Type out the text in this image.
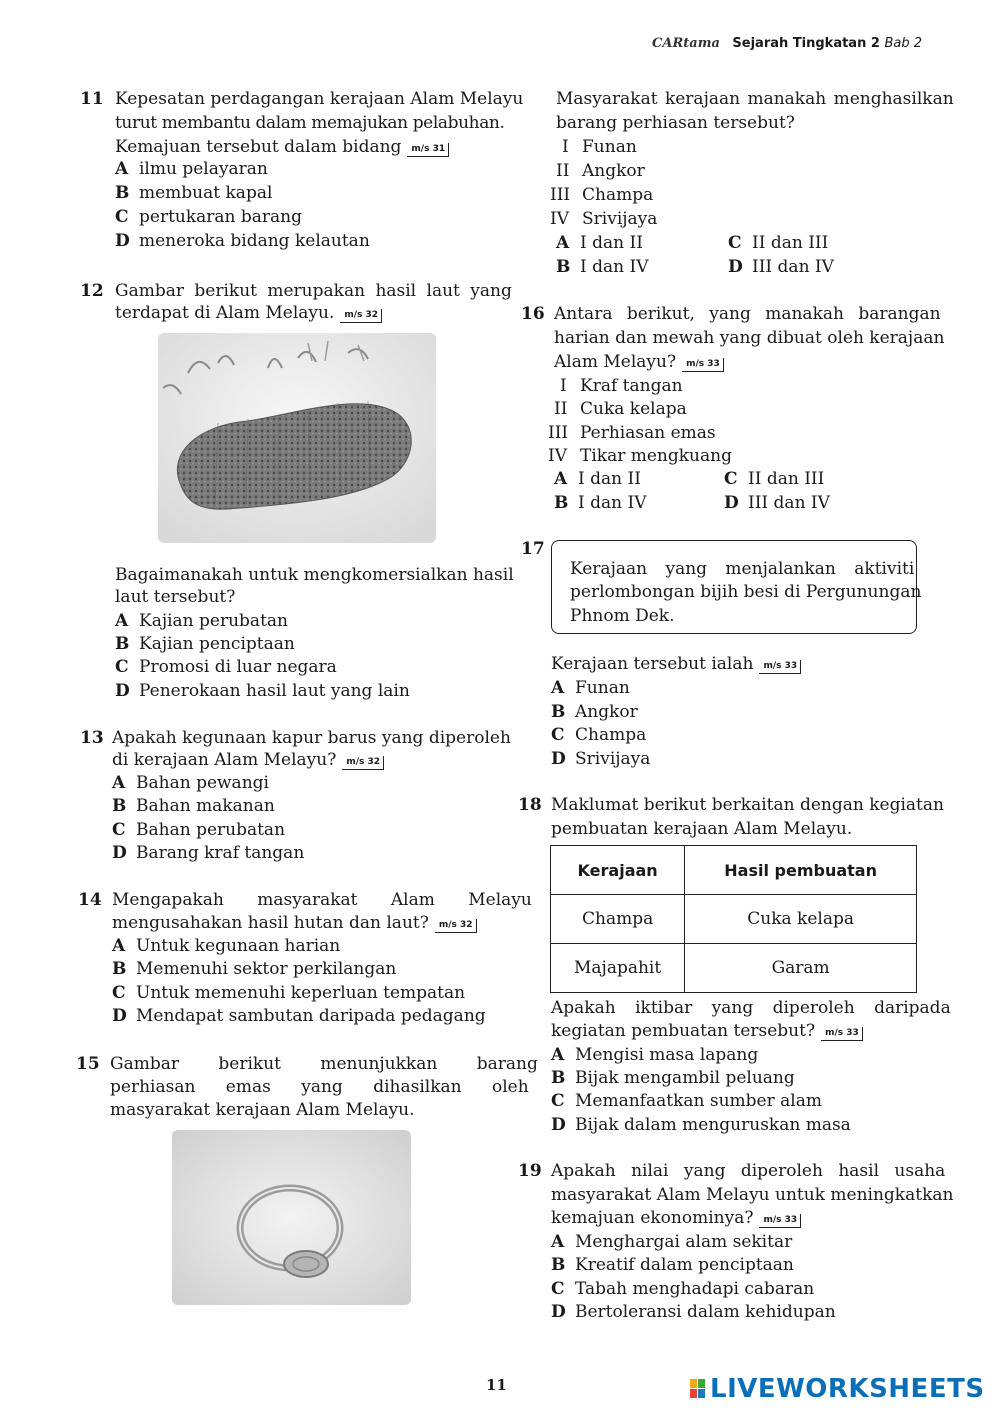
CARtama Sejarah Tingkatan 2 Bab 2
11 Kepesatan perdagangan kerajaan Alam Melayu
turut membantu dalam memajukan pelabuhan.
Kemajuan tersebut dalam bidang m/s 31
A ilmu pelayaran
B membuat kapal
C pertukaran barang
D meneroka bidang kelautan
12 Gambar berikut merupakan hasil laut yang
terdapat di Alam Melayu. m/s 32
Bagaimanakah untuk mengkomersialkan hasil
laut tersebut?
A Kajian perubatan
B Kajian penciptaan
C Promosi di luar negara
D Penerokaan hasil laut yang lain
13 Apakah kegunaan kapur barus yang diperoleh
di kerajaan Alam Melayu? m/s 32
A Bahan pewangi
B Bahan makanan
C Bahan perubatan
D Barang kraf tangan
14 Mengapakah masyarakat Alam Melayu
mengusahakan hasil hutan dan laut? m/s 32
A Untuk kegunaan harian
B Memenuhi sektor perkilangan
C Untuk memenuhi keperluan tempatan
D Mendapat sambutan daripada pedagang
15 Gambar berikut menunjukkan barang
perhiasan emas yang dihasilkan oleh
masyarakat kerajaan Alam Melayu.
Masyarakat kerajaan manakah menghasilkan
barang perhiasan tersebut?
I Funan
II Angkor
III Champa
IV Srivijaya
A I dan II
B I dan IV
C II dan III
D III dan IV
16 Antara berikut, yang manakah barangan
harian dan mewah yang dibuat oleh kerajaan
Alam Melayu? m/s 33
I Kraf tangan
II Cuka kelapa
III Perhiasan emas
IV Tikar mengkuang
A I dan II
B I dan IV
C II dan III
D III dan IV
17
Kerajaan yang menjalankan aktiviti
perlombongan bijih besi di Pergunungan
Phnom Dek.
Kerajaan tersebut ialah m/s 33
A Funan
B Angkor
C Champa
D Srivijaya
18 Maklumat berikut berkaitan dengan kegiatan
pembuatan kerajaan Alam Melayu.
Kerajaan	Hasil pembuatan
Champa	Cuka kelapa
Majapahit	Garam
Apakah iktibar yang diperoleh daripada
kegiatan pembuatan tersebut? m/s 33
A Mengisi masa lapang
B Bijak mengambil peluang
C Memanfaatkan sumber alam
D Bijak dalam menguruskan masa
19 Apakah nilai yang diperoleh hasil usaha
masyarakat Alam Melayu untuk meningkatkan
kemajuan ekonominya? m/s 33
A Menghargai alam sekitar
B Kreatif dalam penciptaan
C Tabah menghadapi cabaran
D Bertoleransi dalam kehidupan
11	LIVEWORKSHEETS
